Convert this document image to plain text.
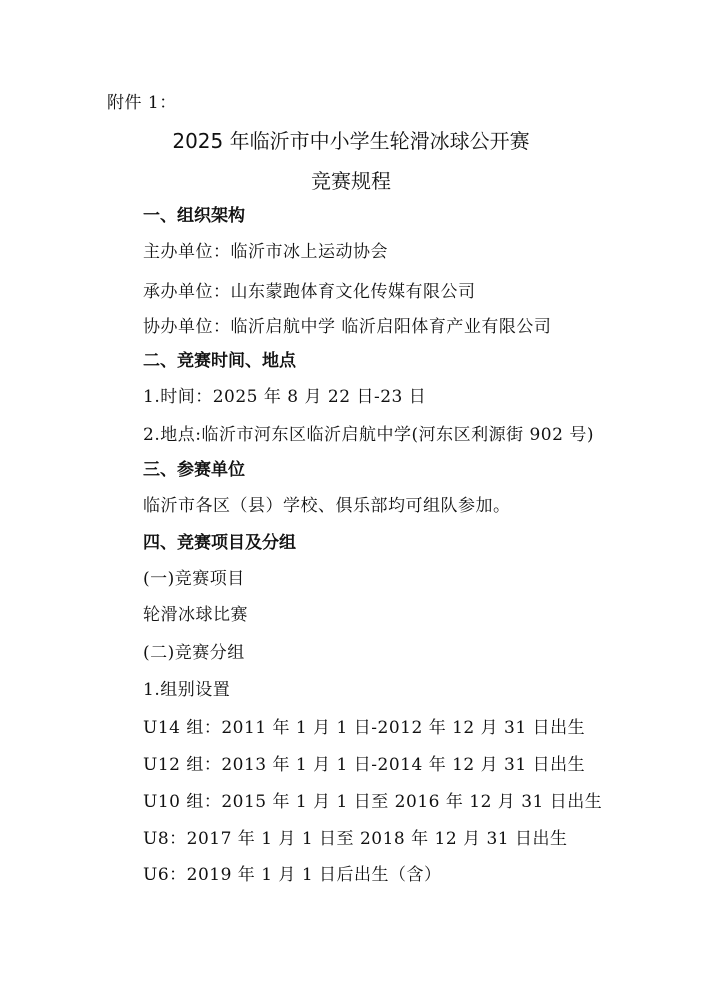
附件 1：
2025 年临沂市中小学生轮滑冰球公开赛
竞赛规程
一、组织架构
主办单位：临沂市冰上运动协会
承办单位：山东蒙跑体育文化传媒有限公司
协办单位：临沂启航中学 临沂启阳体育产业有限公司
二、竞赛时间、地点
1.时间：2025 年 8 月 22 日-23 日
2.地点:临沂市河东区临沂启航中学(河东区利源街 902 号)
三、参赛单位
临沂市各区（县）学校、俱乐部均可组队参加。
四、竞赛项目及分组
(一)竞赛项目
轮滑冰球比赛
(二)竞赛分组
1.组别设置
U14 组：2011 年 1 月 1 日-2012 年 12 月 31 日出生
U12 组：2013 年 1 月 1 日-2014 年 12 月 31 日出生
U10 组：2015 年 1 月 1 日至 2016 年 12 月 31 日出生
U8：2017 年 1 月 1 日至 2018 年 12 月 31 日出生
U6：2019 年 1 月 1 日后出生（含）
